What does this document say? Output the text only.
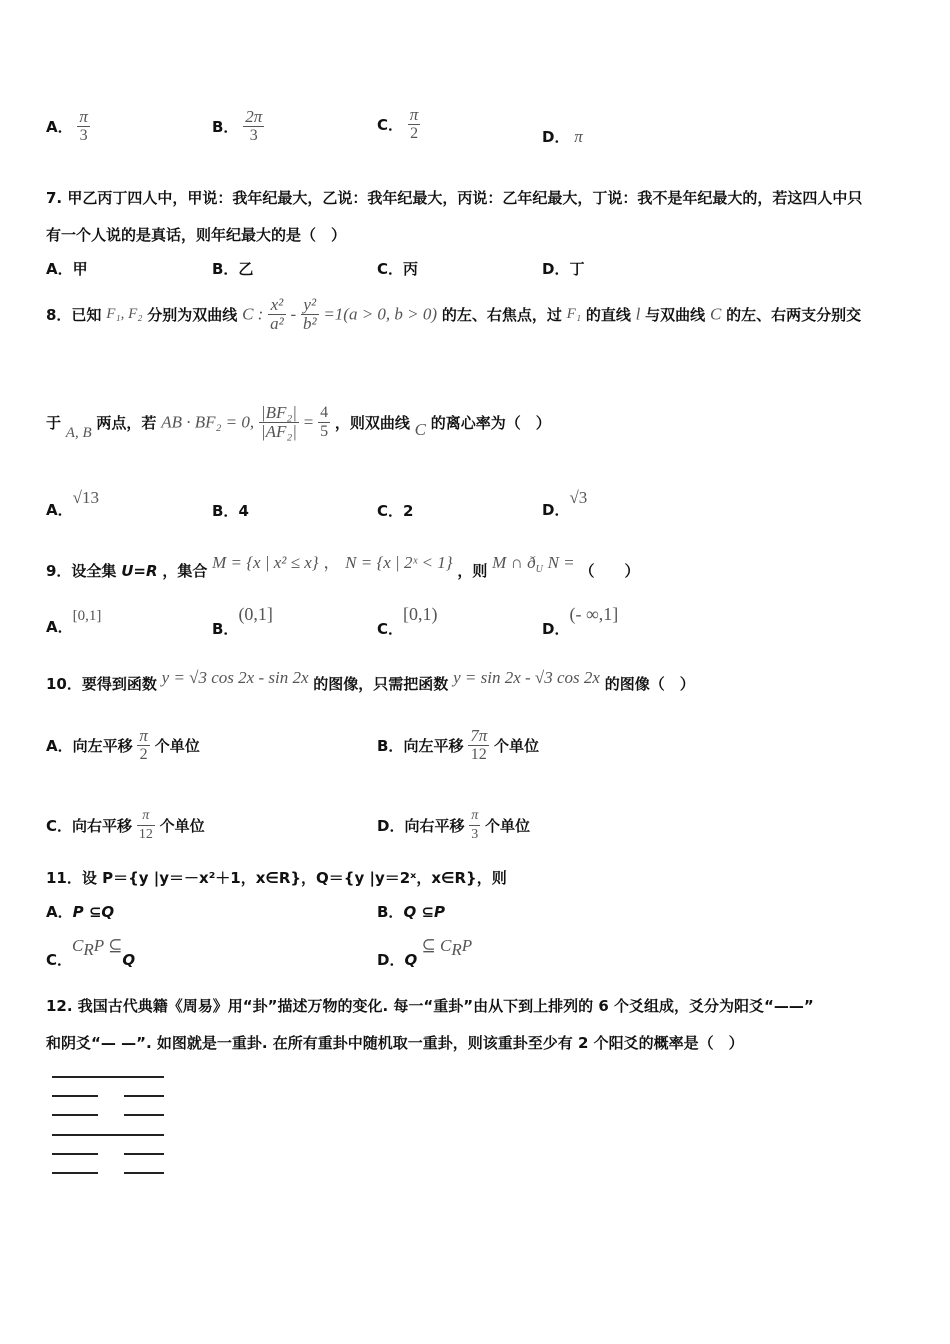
A． $\frac{\pi}{3}$	B． $\frac{2\pi}{3}$	C． $\frac{\pi}{2}$	D． π
7. 甲乙丙丁四人中，甲说：我年纪最大，乙说：我年纪最大，丙说：乙年纪最大，丁说：我不是年纪最大的，若这四人中只
有一个人说的是真话，则年纪最大的是（　）
A．甲	B．乙	C．丙	D．丁
8．已知 F₁, F₂ 分别为双曲线 C : $\frac{\text{x²}}{\text{a²}} - \frac{\text{y²}}{\text{b²}} =1(a > 0$, b > 0) 的左、右焦点，过 F₁ 的直线 l 与双曲线 C 的左、右两支分别交
于 A, B 两点，若 AB · BF₂ = 0, $\frac{\text{|BF₂|}}{\text{|AF₂|}} = \frac{4}{5}$ ，则双曲线 C 的离心率为（　）
A．√13
B．4	C．2	D．√3
9．设全集 U=R ，集合 M = {x | x² ≤ x} ， N = {x | 2ˣ < 1} ，则 M ∩ $ð_U$ N = （　　）
A．[0,1]
B．(0,1]
C．[0,1)
D．(- ∞,1]
10．要得到函数 y = √3 cos 2x - sin 2x 的图像，只需把函数 y = sin 2x - √3 cos 2x 的图像（　）
A．向左平移 $\frac{\pi}{2}$ 个单位	B．向左平移 $\frac{7\pi}{12}$ 个单位
C．向右平移 $\frac{\pi}{12}$ 个单位	D．向右平移 $\frac{\pi}{3}$ 个单位
11．设 P＝{y |y＝－x²＋1，x∈R}，Q＝{y |y＝2ˣ，x∈R}，则
A．P ⊆Q	B．Q ⊆P
C．$C_RP$ ⊆Q	D．Q ⊆ $C_RP$
12. 我国古代典籍《周易》用“卦”描述万物的变化. 每一“重卦”由从下到上排列的 6 个爻组成，爻分为阳爻“——”
和阴爻“— —”. 如图就是一重卦. 在所有重卦中随机取一重卦，则该重卦至少有 2 个阳爻的概率是（　）
